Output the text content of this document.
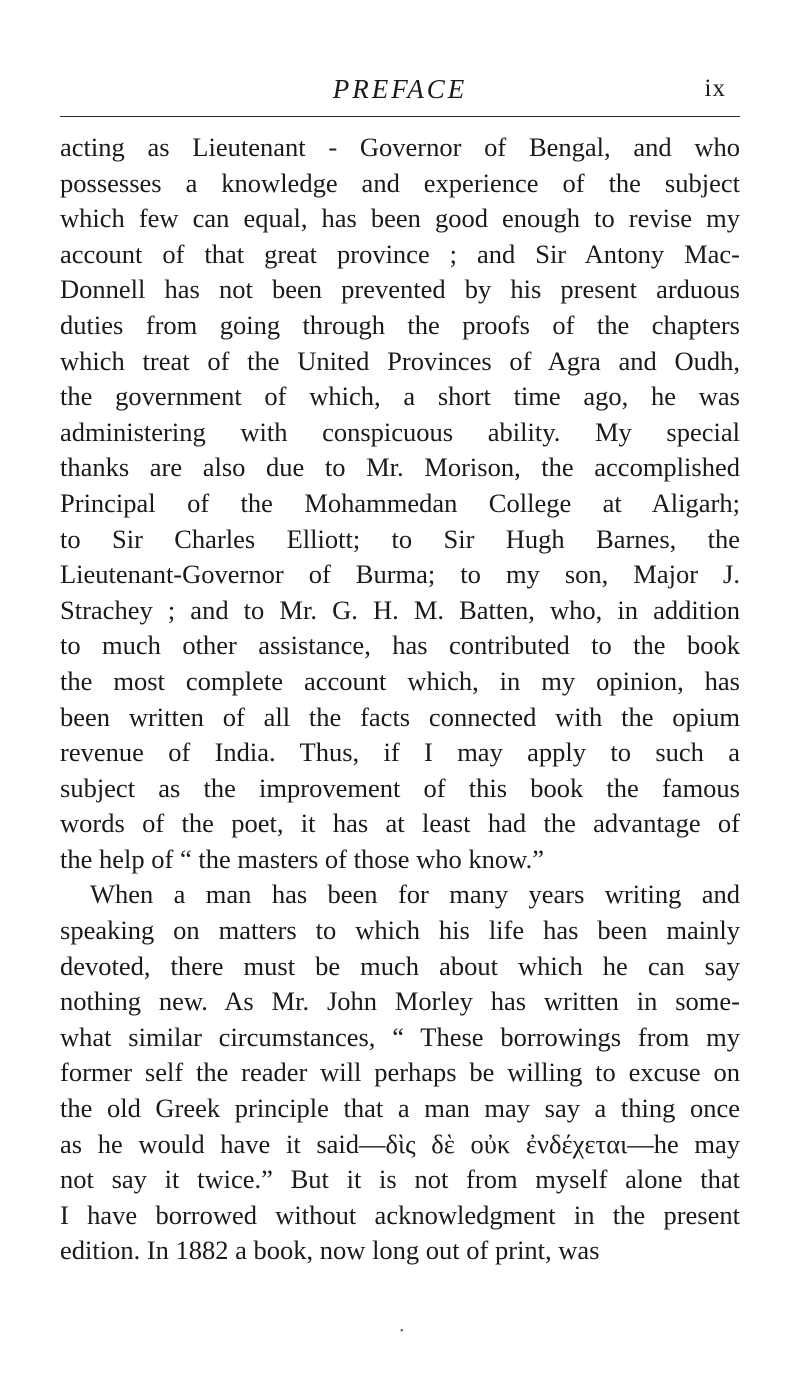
PREFACE	ix
acting as Lieutenant - Governor of Bengal, and who
possesses a knowledge and experience of the subject
which few can equal, has been good enough to revise my
account of that great province ; and Sir Antony Mac-
Donnell has not been prevented by his present arduous
duties from going through the proofs of the chapters
which treat of the United Provinces of Agra and Oudh,
the government of which, a short time ago, he was
administering with conspicuous ability. My special
thanks are also due to Mr. Morison, the accomplished
Principal of the Mohammedan College at Aligarh;
to Sir Charles Elliott; to Sir Hugh Barnes, the
Lieutenant-Governor of Burma; to my son, Major J.
Strachey ; and to Mr. G. H. M. Batten, who, in addition
to much other assistance, has contributed to the book
the most complete account which, in my opinion, has
been written of all the facts connected with the opium
revenue of India. Thus, if I may apply to such a
subject as the improvement of this book the famous
words of the poet, it has at least had the advantage of
the help of “ the masters of those who know.”
When a man has been for many years writing and
speaking on matters to which his life has been mainly
devoted, there must be much about which he can say
nothing new. As Mr. John Morley has written in some-
what similar circumstances, “ These borrowings from my
former self the reader will perhaps be willing to excuse on
the old Greek principle that a man may say a thing once
as he would have it said—δὶς δὲ οὐκ ἐνδέχεται—he may
not say it twice.” But it is not from myself alone that
I have borrowed without acknowledgment in the present
edition. In 1882 a book, now long out of print, was
•
